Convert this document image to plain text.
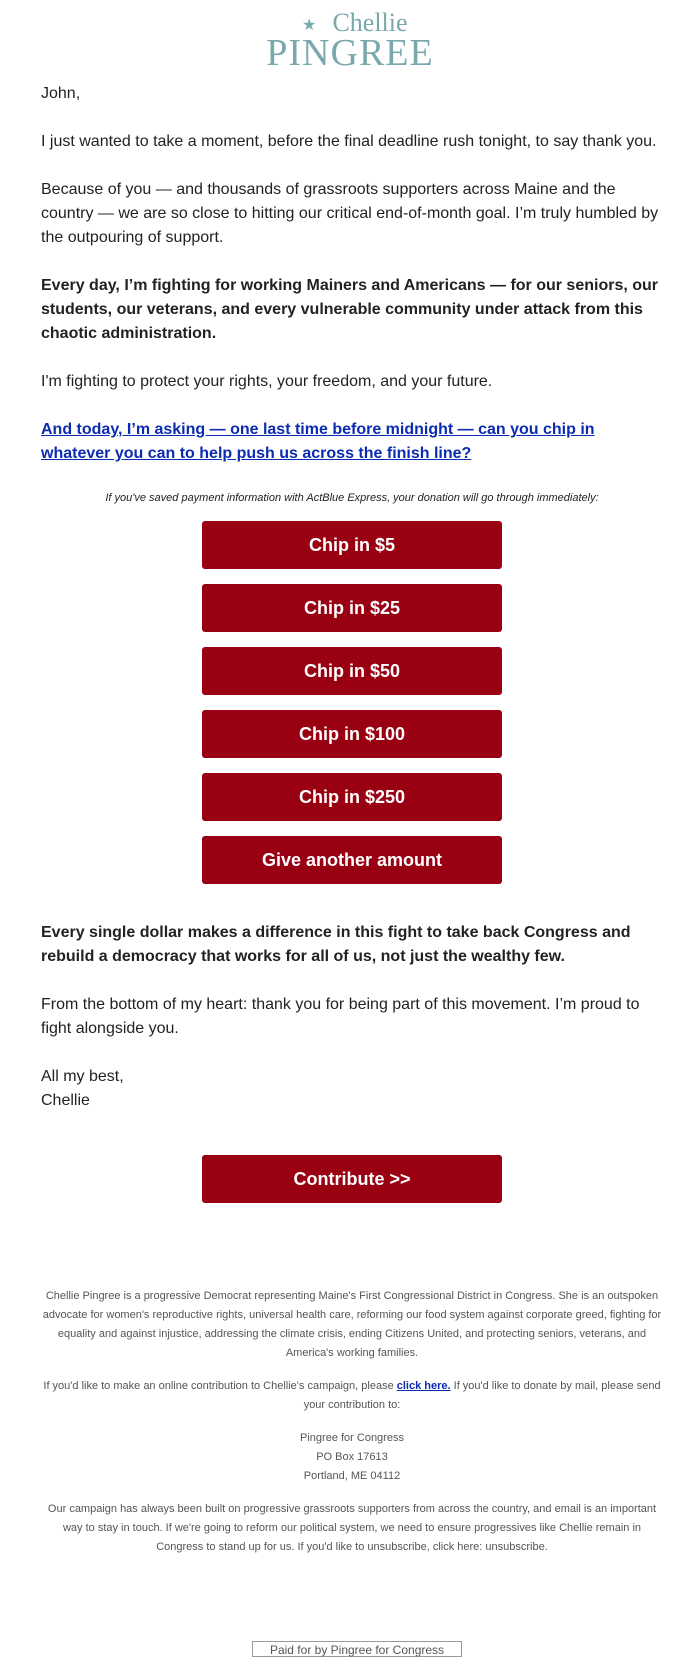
★ Chellie
PINGREE

John,

I just wanted to take a moment, before the final deadline rush tonight, to say thank you.

Because of you — and thousands of grassroots supporters across Maine and the country — we are so close to hitting our critical end-of-month goal. I’m truly humbled by the outpouring of support.

Every day, I’m fighting for working Mainers and Americans — for our seniors, our students, our veterans, and every vulnerable community under attack from this chaotic administration.

I'm fighting to protect your rights, your freedom, and your future.

And today, I’m asking — one last time before midnight — can you chip in whatever you can to help push us across the finish line?

If you've saved payment information with ActBlue Express, your donation will go through immediately:

Chip in $5
Chip in $25
Chip in $50
Chip in $100
Chip in $250
Give another amount

Every single dollar makes a difference in this fight to take back Congress and rebuild a democracy that works for all of us, not just the wealthy few.

From the bottom of my heart: thank you for being part of this movement. I’m proud to fight alongside you.

All my best,
Chellie

Contribute >>

Chellie Pingree is a progressive Democrat representing Maine's First Congressional District in Congress. She is an outspoken advocate for women's reproductive rights, universal health care, reforming our food system against corporate greed, fighting for equality and against injustice, addressing the climate crisis, ending Citizens United, and protecting seniors, veterans, and America's working families.

If you'd like to make an online contribution to Chellie's campaign, please click here. If you'd like to donate by mail, please send your contribution to:

Pingree for Congress
PO Box 17613
Portland, ME 04112

Our campaign has always been built on progressive grassroots supporters from across the country, and email is an important way to stay in touch. If we're going to reform our political system, we need to ensure progressives like Chellie remain in Congress to stand up for us. If you'd like to unsubscribe, click here: unsubscribe.

Paid for by Pingree for Congress
